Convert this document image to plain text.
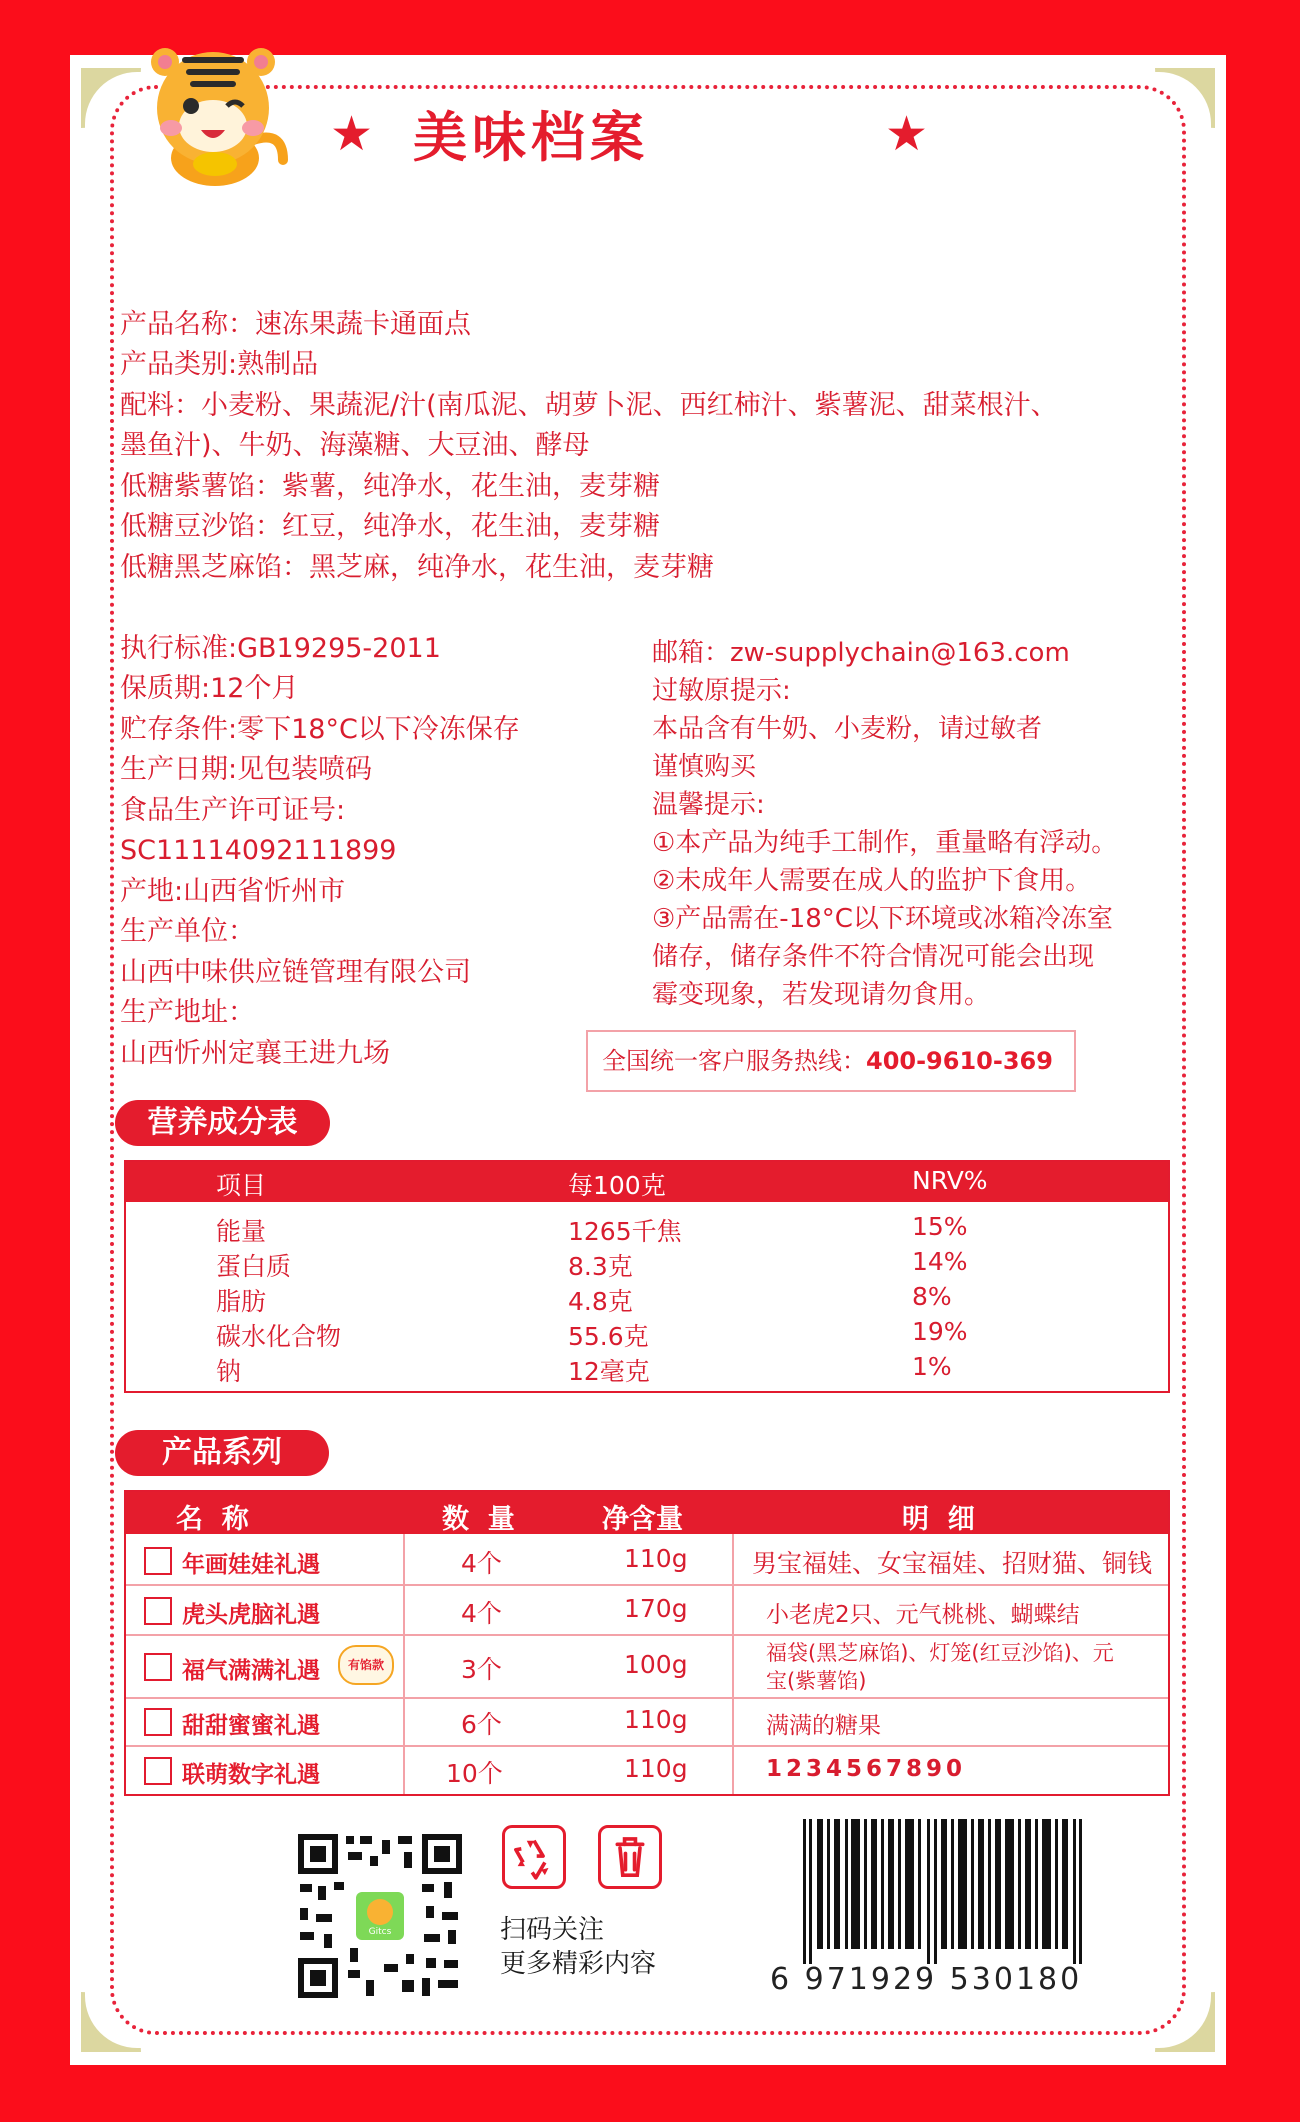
★ 美味档案	★
产品名称：速冻果蔬卡通面点
产品类别:熟制品
配料：小麦粉、果蔬泥/汁(南瓜泥、胡萝卜泥、西红柿汁、紫薯泥、甜菜根汁、
墨鱼汁)、牛奶、海藻糖、大豆油、酵母
低糖紫薯馅：紫薯，纯净水，花生油，麦芽糖
低糖豆沙馅：红豆，纯净水，花生油，麦芽糖
低糖黑芝麻馅：黑芝麻，纯净水，花生油，麦芽糖
执行标准:GB19295-2011
保质期:12个月
贮存条件:零下18°C以下冷冻保存
生产日期:见包装喷码
食品生产许可证号:
SC11114092111899
产地:山西省忻州市
生产单位：
山西中味供应链管理有限公司
生产地址：
山西忻州定襄王进九场
邮箱：zw-supplychain@163.com
过敏原提示:
本品含有牛奶、小麦粉，请过敏者
谨慎购买
温馨提示:
①本产品为纯手工制作，重量略有浮动。
②未成年人需要在成人的监护下食用。
③产品需在-18°C以下环境或冰箱冷冻室
储存，储存条件不符合情况可能会出现
霉变现象，若发现请勿食用。
全国统一客户服务热线：400-9610-369
营养成分表
项目	每100克	NRV%
能量	1265千焦	15%
蛋白质	8.3克	14%
脂肪	4.8克	8%
碳水化合物	55.6克	19%
钠	12毫克	1%
产品系列
名  称	数  量	净含量	明  细
年画娃娃礼遇	4个	110g	男宝福娃、女宝福娃、招财猫、铜钱
虎头虎脑礼遇	4个	170g	小老虎2只、元气桃桃、蝴蝶结
福气满满礼遇	有馅款	3个	100g	福袋(黑芝麻馅)、灯笼(红豆沙馅)、元宝(紫薯馅)
甜甜蜜蜜礼遇	6个	110g	满满的糖果
联萌数字礼遇	10个	110g	1234567890
Gitcs	扫码关注
更多精彩内容	6 971929 530180
